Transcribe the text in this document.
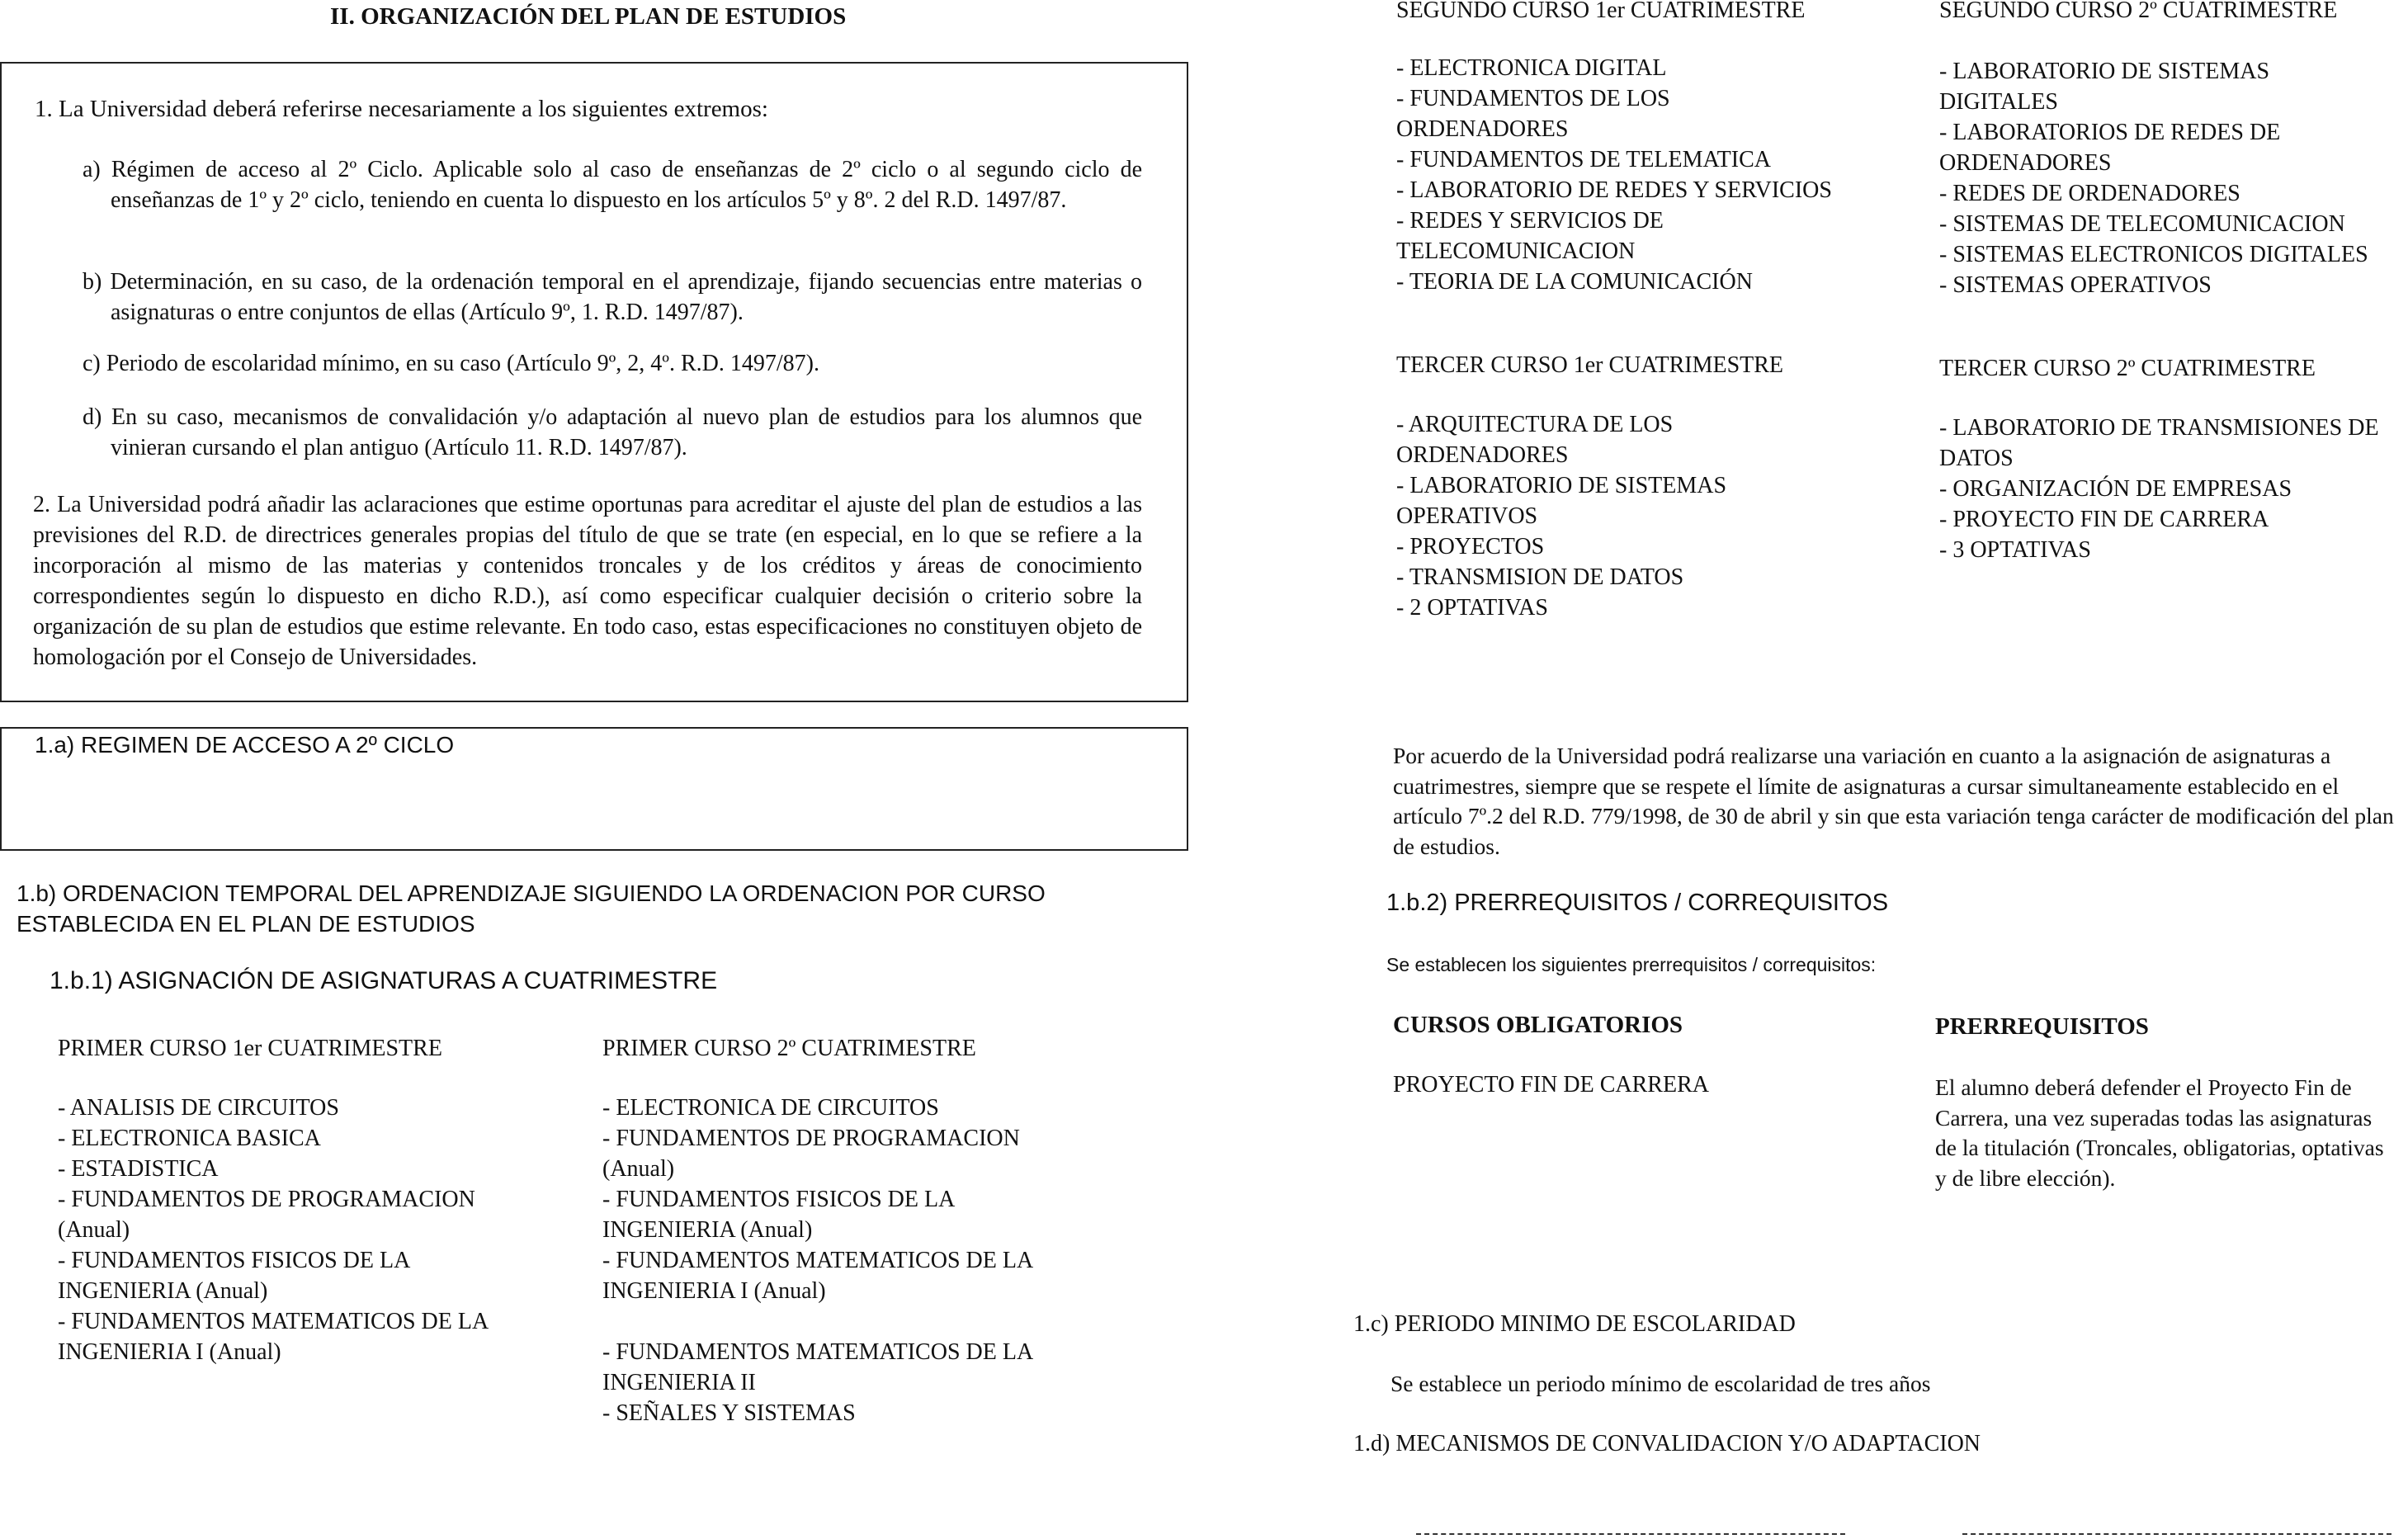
II. ORGANIZACIÓN DEL PLAN DE ESTUDIOS
1. La Universidad deberá referirse necesariamente a los siguientes extremos:
a) Régimen de acceso al 2º Ciclo. Aplicable solo al caso de enseñanzas de 2º ciclo o al segundo ciclo de enseñanzas de 1º y 2º ciclo, teniendo en cuenta lo dispuesto en los artículos 5º y 8º. 2 del R.D. 1497/87.
b) Determinación, en su caso, de la ordenación temporal en el aprendizaje, fijando secuencias entre materias o asignaturas o entre conjuntos de ellas (Artículo 9º, 1. R.D. 1497/87).
c) Periodo de escolaridad mínimo, en su caso (Artículo 9º, 2, 4º. R.D. 1497/87).
d) En su caso, mecanismos de convalidación y/o adaptación al nuevo plan de estudios para los alumnos que vinieran cursando el plan antiguo (Artículo 11. R.D. 1497/87).
2. La Universidad podrá añadir las aclaraciones que estime oportunas para acreditar el ajuste del plan de estudios a las previsiones del R.D. de directrices generales propias del título de que se trate (en especial, en lo que se refiere a la incorporación al mismo de las materias y contenidos troncales y de los créditos y áreas de conocimiento correspondientes según lo dispuesto en dicho R.D.), así como especificar cualquier decisión o criterio sobre la organización de su plan de estudios que estime relevante. En todo caso, estas especificaciones no constituyen objeto de homologación por el Consejo de Universidades.
1.a) REGIMEN DE ACCESO A 2º CICLO
1.b) ORDENACION TEMPORAL DEL APRENDIZAJE SIGUIENDO LA ORDENACION POR CURSO
ESTABLECIDA EN EL PLAN DE ESTUDIOS
1.b.1) ASIGNACIÓN DE ASIGNATURAS A CUATRIMESTRE
PRIMER CURSO 1er CUATRIMESTRE
- ANALISIS DE CIRCUITOS
- ELECTRONICA BASICA
- ESTADISTICA
- FUNDAMENTOS DE PROGRAMACION
(Anual)
- FUNDAMENTOS FISICOS DE LA
INGENIERIA (Anual)
- FUNDAMENTOS MATEMATICOS DE LA
INGENIERIA I (Anual)
PRIMER CURSO 2º CUATRIMESTRE
- ELECTRONICA DE CIRCUITOS
- FUNDAMENTOS DE PROGRAMACION
(Anual)
- FUNDAMENTOS FISICOS DE LA
INGENIERIA (Anual)
- FUNDAMENTOS MATEMATICOS DE LA
INGENIERIA I (Anual)

- FUNDAMENTOS MATEMATICOS DE LA
INGENIERIA II
- SEÑALES Y SISTEMAS
SEGUNDO CURSO 1er CUATRIMESTRE
- ELECTRONICA DIGITAL
- FUNDAMENTOS DE LOS
ORDENADORES
- FUNDAMENTOS DE TELEMATICA
- LABORATORIO DE REDES Y SERVICIOS
- REDES Y SERVICIOS DE
TELECOMUNICACION
- TEORIA DE LA COMUNICACIÓN
SEGUNDO CURSO 2º CUATRIMESTRE
- LABORATORIO DE SISTEMAS
DIGITALES
- LABORATORIOS DE REDES DE
ORDENADORES
- REDES DE ORDENADORES
- SISTEMAS DE TELECOMUNICACION
- SISTEMAS ELECTRONICOS DIGITALES
- SISTEMAS OPERATIVOS
TERCER CURSO 1er CUATRIMESTRE
- ARQUITECTURA DE LOS
ORDENADORES
- LABORATORIO DE SISTEMAS
OPERATIVOS
- PROYECTOS
- TRANSMISION DE DATOS
- 2 OPTATIVAS
TERCER CURSO 2º CUATRIMESTRE
- LABORATORIO DE TRANSMISIONES DE
DATOS
- ORGANIZACIÓN DE EMPRESAS
- PROYECTO FIN DE CARRERA
- 3 OPTATIVAS
Por acuerdo de la Universidad podrá realizarse una variación en cuanto a la asignación de asignaturas a cuatrimestres, siempre que se respete el límite de asignaturas a cursar simultaneamente establecido en el artículo 7º.2 del R.D. 779/1998, de 30 de abril y sin que esta variación tenga carácter de modificación del plan de estudios.
1.b.2) PRERREQUISITOS / CORREQUISITOS
Se establecen los siguientes prerrequisitos / correquisitos:
CURSOS OBLIGATORIOS	PRERREQUISITOS
PROYECTO FIN DE CARRERA	El alumno deberá defender el Proyecto Fin de Carrera, una vez superadas todas las asignaturas de la titulación (Troncales, obligatorias, optativas y de libre elección).
1.c) PERIODO MINIMO DE ESCOLARIDAD
Se establece un periodo mínimo de escolaridad de tres años
1.d) MECANISMOS DE CONVALIDACION Y/O ADAPTACION
